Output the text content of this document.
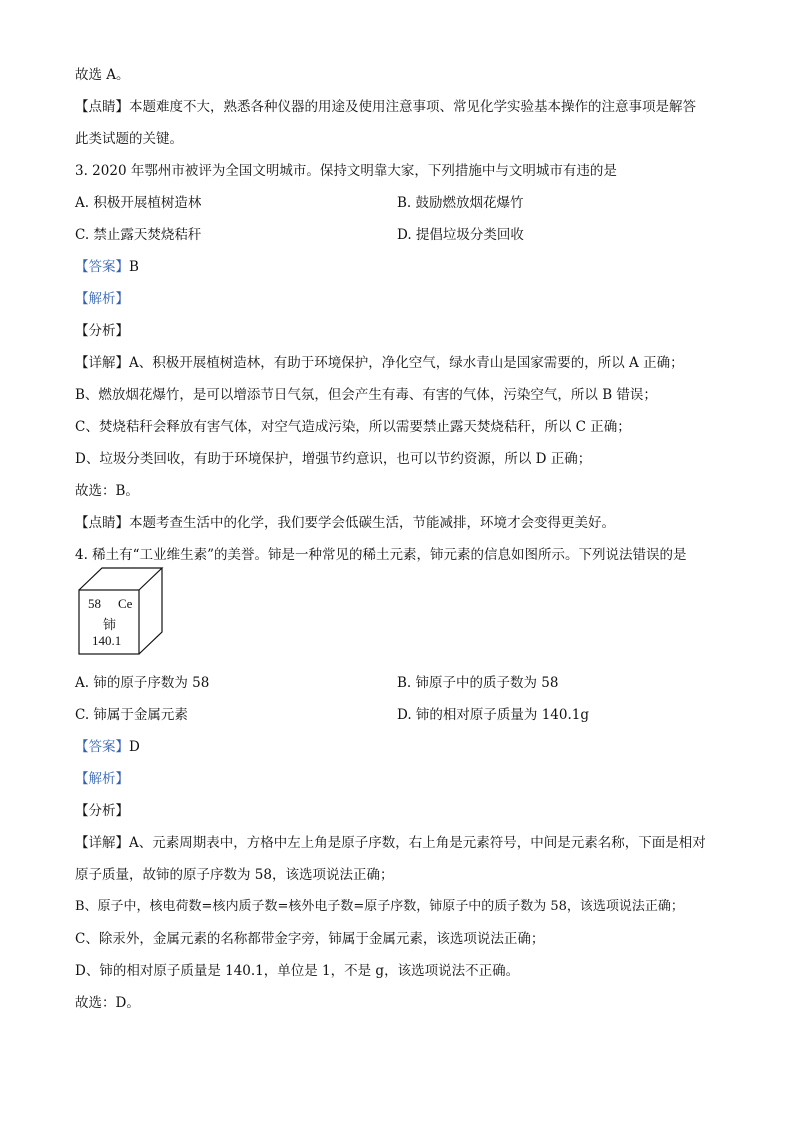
故选 A。
【点睛】本题难度不大，熟悉各种仪器的用途及使用注意事项、常见化学实验基本操作的注意事项是解答
此类试题的关键。
3. 2020 年鄂州市被评为全国文明城市。保持文明靠大家，下列措施中与文明城市有违的是
A. 积极开展植树造林	B. 鼓励燃放烟花爆竹
C. 禁止露天焚烧秸秆	D. 提倡垃圾分类回收
【答案】B
【解析】
【分析】
【详解】A、积极开展植树造林，有助于环境保护，净化空气，绿水青山是国家需要的，所以 A 正确；
B、燃放烟花爆竹，是可以增添节日气氛，但会产生有毒、有害的气体，污染空气，所以 B 错误；
C、焚烧秸秆会释放有害气体，对空气造成污染，所以需要禁止露天焚烧秸秆，所以 C 正确；
D、垃圾分类回收，有助于环境保护，增强节约意识，也可以节约资源，所以 D 正确；
故选：B。
【点睛】本题考查生活中的化学，我们要学会低碳生活，节能减排，环境才会变得更美好。
4. 稀土有“工业维生素”的美誉。铈是一种常见的稀土元素，铈元素的信息如图所示。下列说法错误的是
58 Ce
铈
140.1
A. 铈的原子序数为 58	B. 铈原子中的质子数为 58
C. 铈属于金属元素	D. 铈的相对原子质量为 140.1g
【答案】D
【解析】
【分析】
【详解】A、元素周期表中，方格中左上角是原子序数，右上角是元素符号，中间是元素名称，下面是相对
原子质量，故铈的原子序数为 58，该选项说法正确；
B、原子中，核电荷数=核内质子数=核外电子数=原子序数，铈原子中的质子数为 58，该选项说法正确；
C、除汞外，金属元素的名称都带金字旁，铈属于金属元素，该选项说法正确；
D、铈的相对原子质量是 140.1，单位是 1，不是 g，该选项说法不正确。
故选：D。
